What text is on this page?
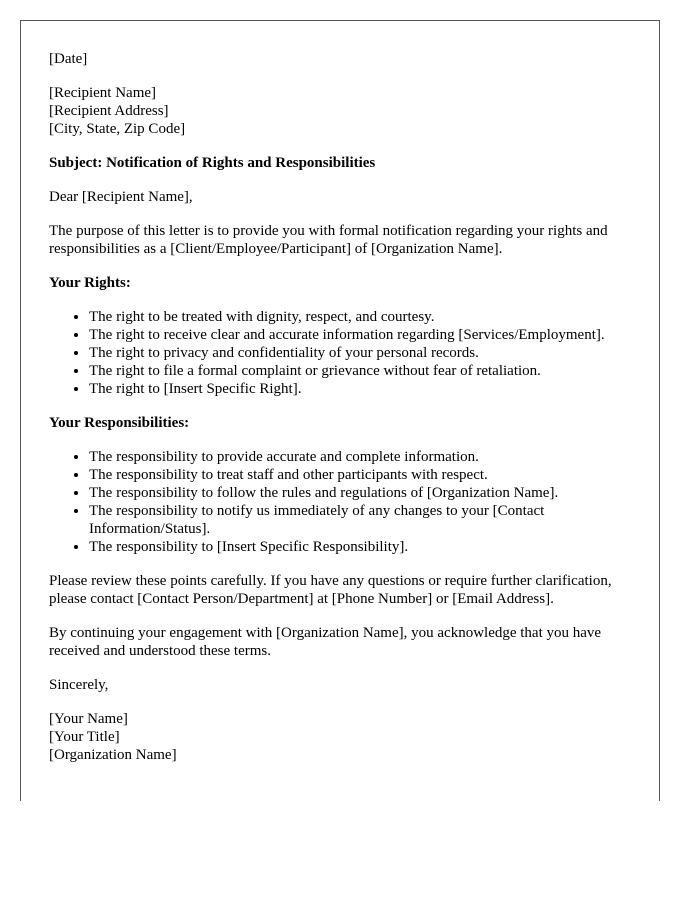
[Date]

[Recipient Name]
[Recipient Address]
[City, State, Zip Code]

Subject: Notification of Rights and Responsibilities

Dear [Recipient Name],

The purpose of this letter is to provide you with formal notification regarding your rights and responsibilities as a [Client/Employee/Participant] of [Organization Name].

Your Rights:

• The right to be treated with dignity, respect, and courtesy.
• The right to receive clear and accurate information regarding [Services/Employment].
• The right to privacy and confidentiality of your personal records.
• The right to file a formal complaint or grievance without fear of retaliation.
• The right to [Insert Specific Right].

Your Responsibilities:

• The responsibility to provide accurate and complete information.
• The responsibility to treat staff and other participants with respect.
• The responsibility to follow the rules and regulations of [Organization Name].
• The responsibility to notify us immediately of any changes to your [Contact Information/Status].
• The responsibility to [Insert Specific Responsibility].

Please review these points carefully. If you have any questions or require further clarification, please contact [Contact Person/Department] at [Phone Number] or [Email Address].

By continuing your engagement with [Organization Name], you acknowledge that you have received and understood these terms.

Sincerely,

[Your Name]
[Your Title]
[Organization Name]
